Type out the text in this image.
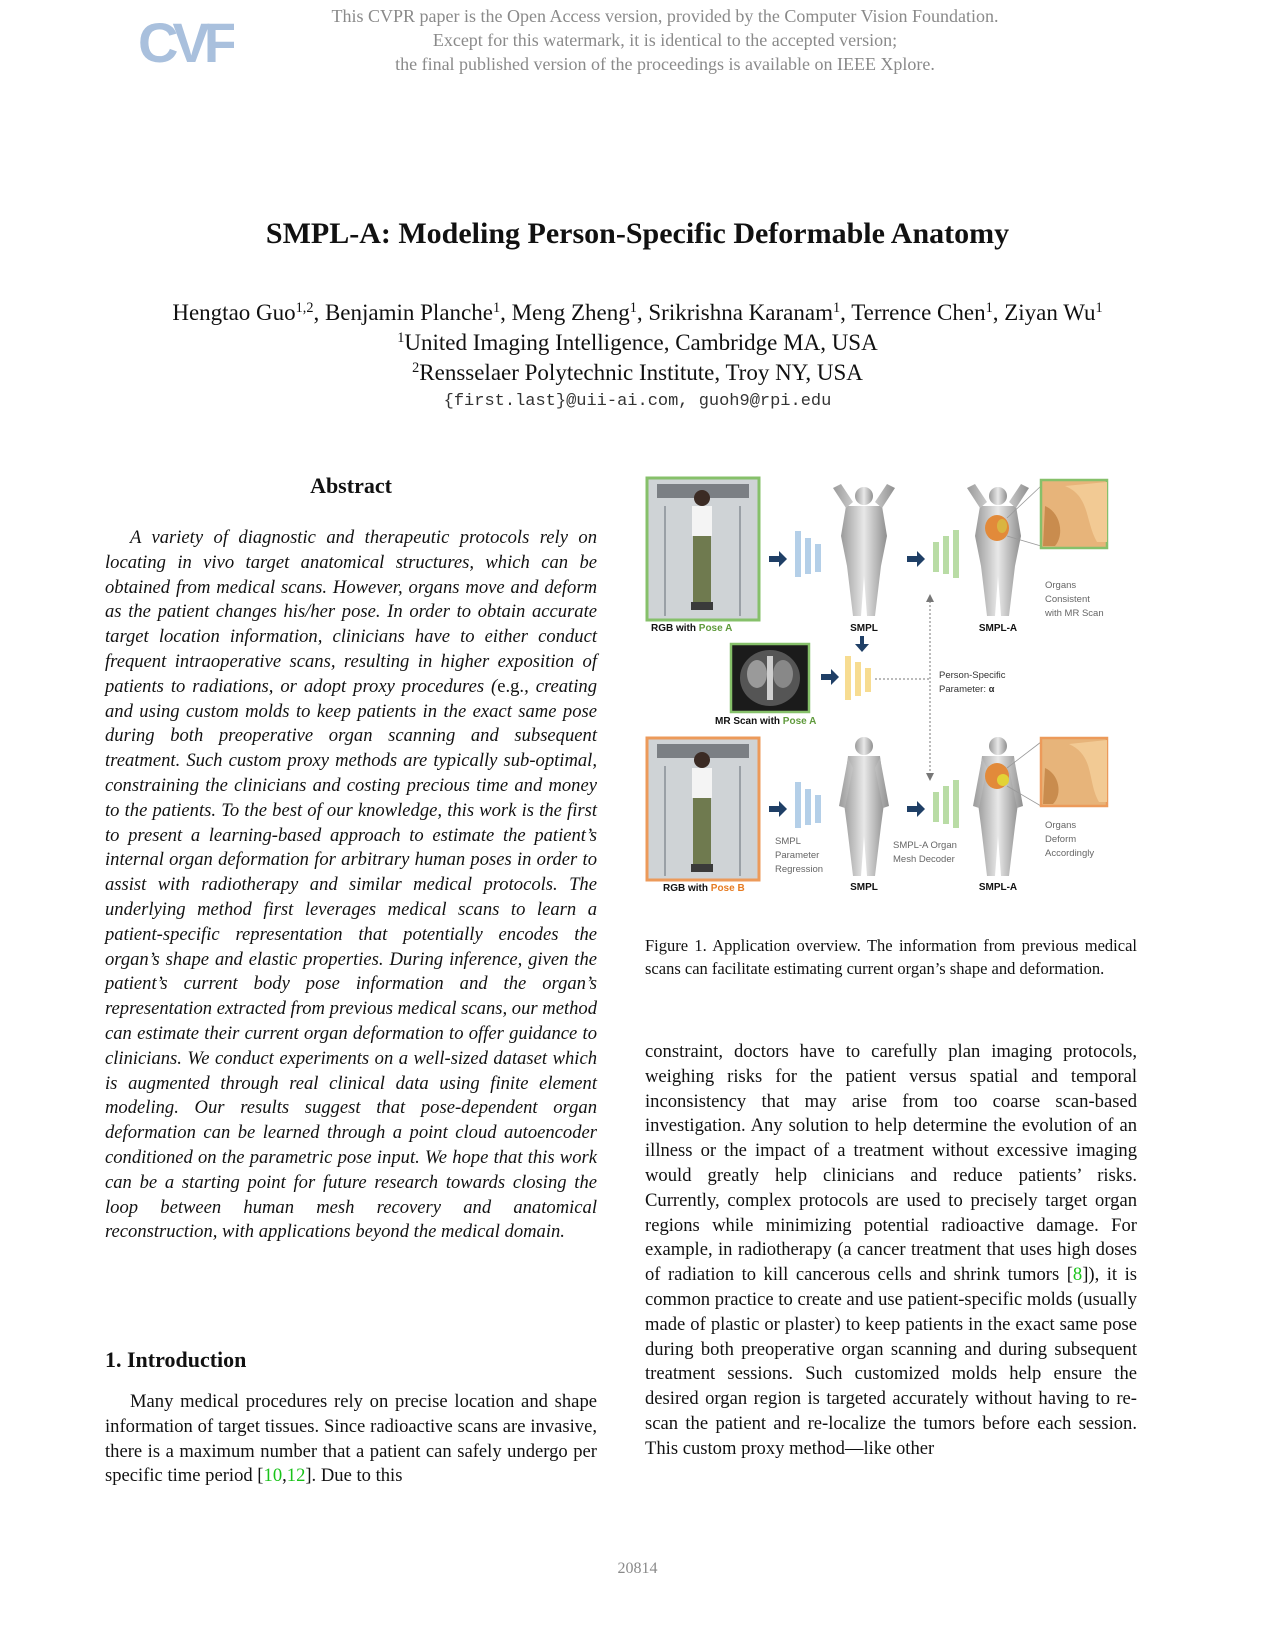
CVF	This CVPR paper is the Open Access version, provided by the Computer Vision Foundation.
Except for this watermark, it is identical to the accepted version;
the final published version of the proceedings is available on IEEE Xplore.
SMPL-A: Modeling Person-Specific Deformable Anatomy
Hengtao Guo$^{1,2}$, Benjamin Planche$^1$, Meng Zheng$^1$, Srikrishna Karanam$^1$, Terrence Chen$^1$, Ziyan Wu$^1$
$^1$United Imaging Intelligence, Cambridge MA, USA
$^2$Rensselaer Polytechnic Institute, Troy NY, USA
{first.last}@uii-ai.com, guoh9@rpi.edu
Abstract

A variety of diagnostic and therapeutic protocols rely on locating in vivo target anatomical structures, which can be obtained from medical scans. However, organs move and deform as the patient changes his/her pose. In order to obtain accurate target location information, clinicians have to either conduct frequent intraoperative scans, resulting in higher exposition of patients to radiations, or adopt proxy procedures (e.g., creating and using custom molds to keep patients in the exact same pose during both preoperative organ scanning and subsequent treatment. Such custom proxy methods are typically sub-optimal, constraining the clinicians and costing precious time and money to the patients. To the best of our knowledge, this work is the first to present a learning-based approach to estimate the patient’s internal organ deformation for arbitrary human poses in order to assist with radiotherapy and similar medical protocols. The underlying method first leverages medical scans to learn a patient-specific representation that potentially encodes the organ’s shape and elastic properties. During inference, given the patient’s current body pose information and the organ’s representation extracted from previous medical scans, our method can estimate their current organ deformation to offer guidance to clinicians. We conduct experiments on a well-sized dataset which is augmented through real clinical data using finite element modeling. Our results suggest that pose-dependent organ deformation can be learned through a point cloud autoencoder conditioned on the parametric pose input. We hope that this work can be a starting point for future research towards closing the loop between human mesh recovery and anatomical reconstruction, with applications beyond the medical domain.

1. Introduction

Many medical procedures rely on precise location and shape information of target tissues. Since radioactive scans are invasive, there is a maximum number that a patient can safely undergo per specific time period [10,12]. Due to this

RGB with Pose A	SMPL	SMPL-A
Organs Consistent with MR Scan
MR Scan with Pose A
Person-Specific Parameter: α
RGB with Pose B
SMPL Parameter Regression
SMPL
SMPL-A Organ Mesh Decoder
SMPL-A
Organs Deform Accordingly

Figure 1. Application overview. The information from previous medical scans can facilitate estimating current organ’s shape and deformation.

constraint, doctors have to carefully plan imaging protocols, weighing risks for the patient versus spatial and temporal inconsistency that may arise from too coarse scan-based investigation. Any solution to help determine the evolution of an illness or the impact of a treatment without excessive imaging would greatly help clinicians and reduce patients’ risks. Currently, complex protocols are used to precisely target organ regions while minimizing potential radioactive damage. For example, in radiotherapy (a cancer treatment that uses high doses of radiation to kill cancerous cells and shrink tumors [8]), it is common practice to create and use patient-specific molds (usually made of plastic or plaster) to keep patients in the exact same pose during both preoperative organ scanning and during subsequent treatment sessions. Such customized molds help ensure the desired organ region is targeted accurately without having to re-scan the patient and re-localize the tumors before each session. This custom proxy method—like other

20814
